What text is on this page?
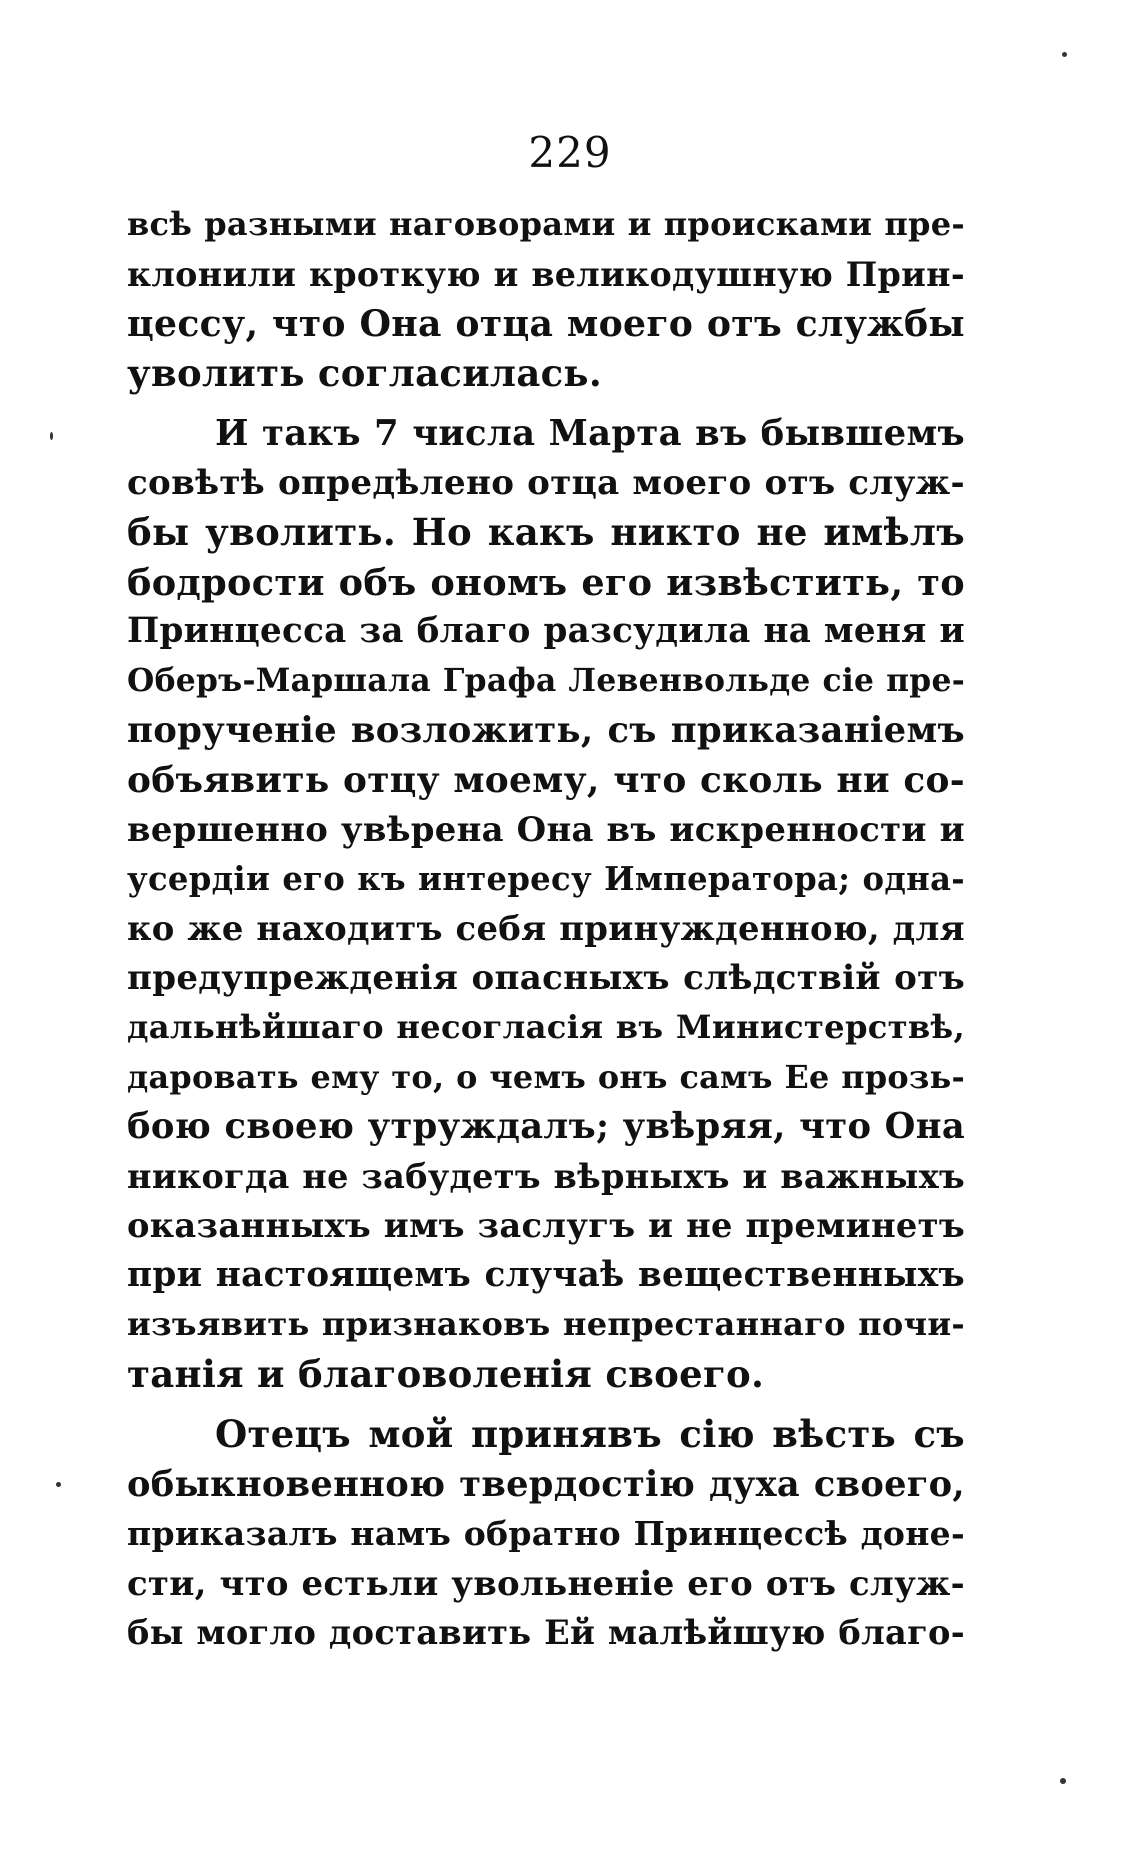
229
всѣ разными наговорами и происками пре-
клонили кроткую и великодушную Прин-
цессу, что Она отца моего отъ службы
уволить согласилась.
И такъ 7 числа Марта въ бывшемъ
совѣтѣ опредѣлено отца моего отъ служ-
бы уволить. Но какъ никто не имѣлъ
бодрости объ ономъ его извѣстить, то
Принцесса за благо разсудила на меня и
Оберъ-Маршала Графа Левенвольде сіе пре-
порученіе возложить, съ приказаніемъ
объявить отцу моему, что сколь ни со-
вершенно увѣрена Она въ искренности и
усердіи его къ интересу Императора; одна-
ко же находитъ себя принужденною, для
предупрежденія опасныхъ слѣдствій отъ
дальнѣйшаго несогласія въ Министерствѣ,
даровать ему то, о чемъ онъ самъ Ее прозь-
бою своею утруждалъ; увѣряя, что Она
никогда не забудетъ вѣрныхъ и важныхъ
оказанныхъ имъ заслугъ и не преминетъ
при настоящемъ случаѣ вещественныхъ
изъявить признаковъ непрестаннаго почи-
танія и благоволенія своего.
Отецъ мой принявъ сію вѣсть съ
обыкновенною твердостію духа своего,
приказалъ намъ обратно Принцессѣ доне-
сти, что естьли увольненіе его отъ служ-
бы могло доставить Ей малѣйшую благо-
